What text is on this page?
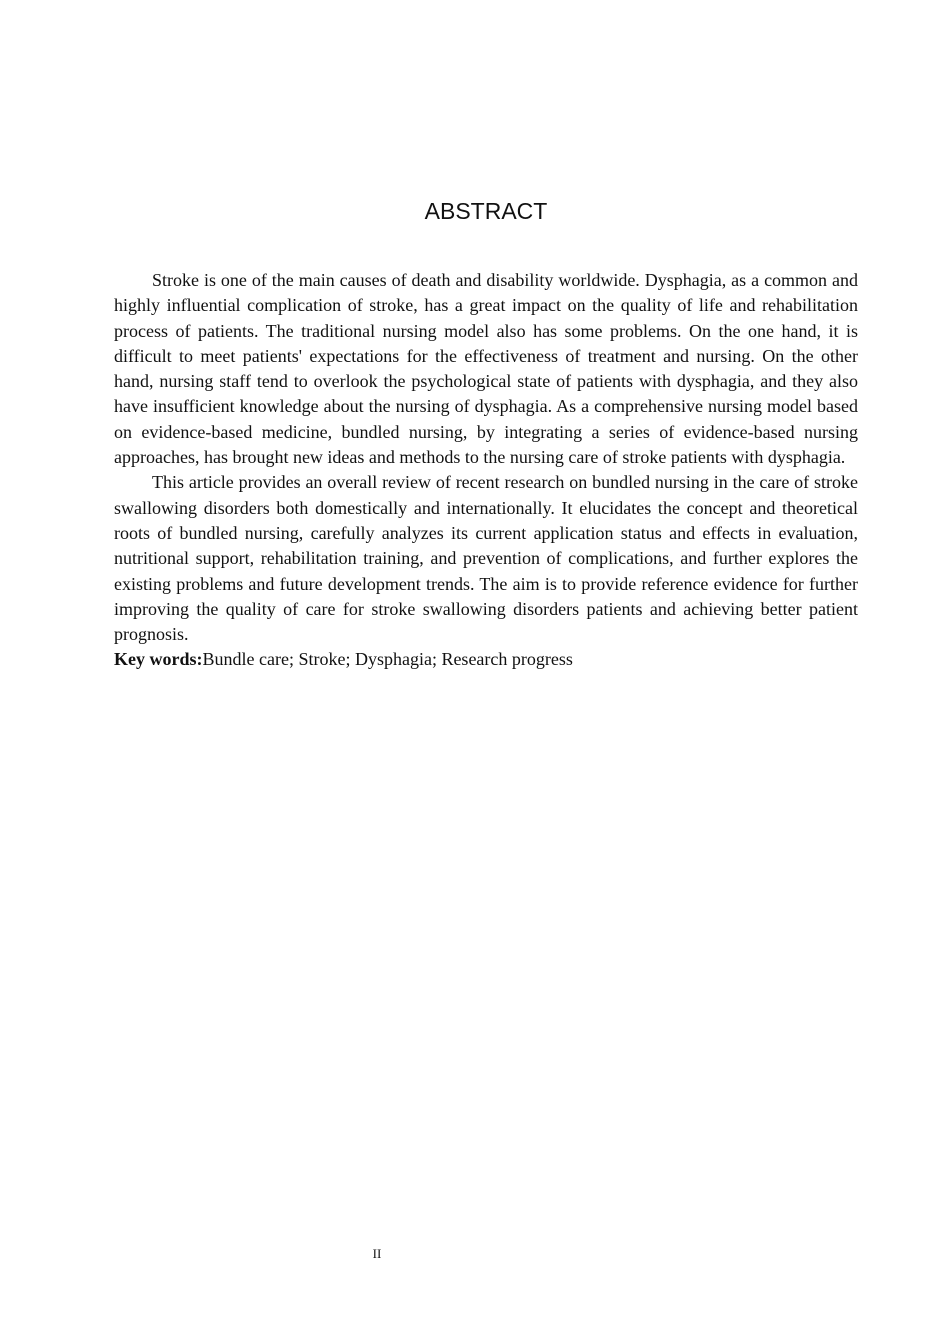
ABSTRACT

Stroke is one of the main causes of death and disability worldwide. Dysphagia, as a common and highly influential complication of stroke, has a great impact on the quality of life and rehabilitation process of patients. The traditional nursing model also has some problems. On the one hand, it is difficult to meet patients' expectations for the effectiveness of treatment and nursing. On the other hand, nursing staff tend to overlook the psychological state of patients with dysphagia, and they also have insufficient knowledge about the nursing of dysphagia. As a comprehensive nursing model based on evidence-based medicine, bundled nursing, by integrating a series of evidence-based nursing approaches, has brought new ideas and methods to the nursing care of stroke patients with dysphagia.

This article provides an overall review of recent research on bundled nursing in the care of stroke swallowing disorders both domestically and internationally. It elucidates the concept and theoretical roots of bundled nursing, carefully analyzes its current application status and effects in evaluation, nutritional support, rehabilitation training, and prevention of complications, and further explores the existing problems and future development trends. The aim is to provide reference evidence for further improving the quality of care for stroke swallowing disorders patients and achieving better patient prognosis.

Key words:Bundle care; Stroke; Dysphagia; Research progress

II
